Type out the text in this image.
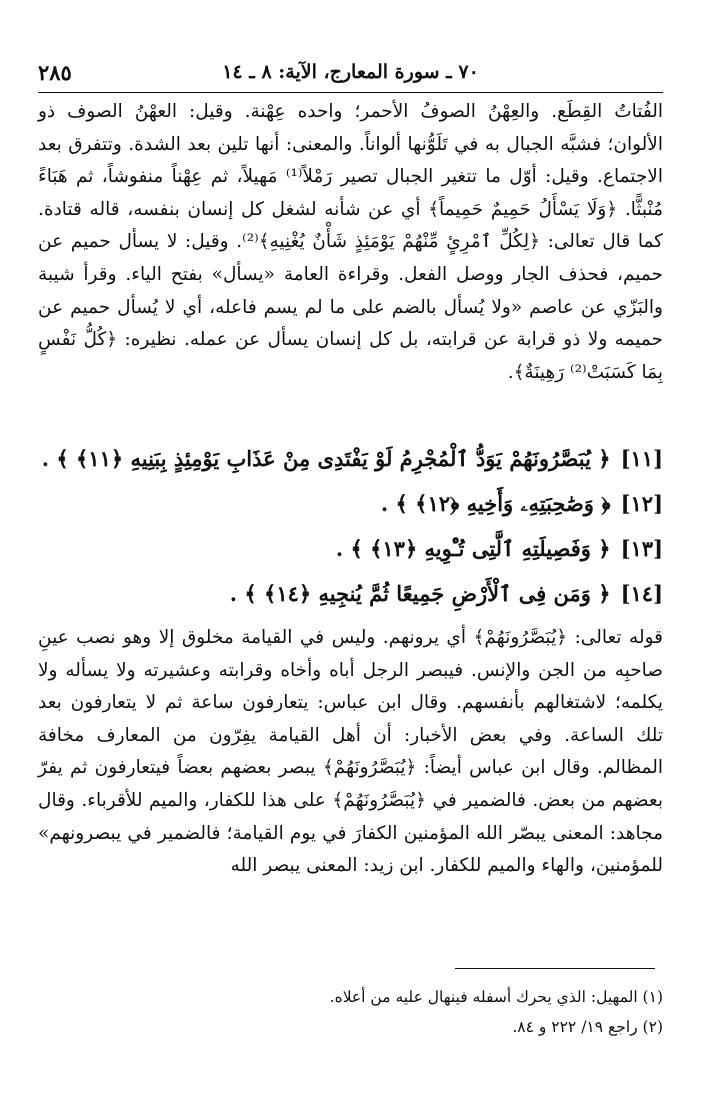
٢٨٥	٧٠ ـ سورة المعارج، الآية: ٨ ـ ١٤

الفُتاتُ القِطَع. والعِهْنُ الصوفُ الأحمر؛ واحده عِهْنة. وقيل: العهْنُ الصوف ذو الألوان؛ فشبَّه الجبال به في تَلَوُّنها ألواناً. والمعنى: أنها تلين بعد الشدة. وتتفرق بعد الاجتماع. وقيل: أوّل ما تتغير الجبال تصير رَمْلاً⁽¹⁾ مَهيلاً، ثم عِهْناً منفوشاً، ثم هَبَاءً مُنْبثًّا. ﴿وَلَا يَسْأَلُ حَمِيمٌ حَمِيماً﴾ أي عن شأنه لشغل كل إنسان بنفسه، قاله قتادة. كما قال تعالى: ﴿لِكُلِّ ٱمْرِئٍ مِّنْهُمْ يَوْمَئِذٍ شَأْنٌ يُغْنِيهِ﴾⁽²⁾. وقيل: لا يسأل حميم عن حميم، فحذف الجار ووصل الفعل. وقراءة العامة «يسأل» بفتح الياء. وقرأ شيبة والبَزّي عن عاصم «ولا يُسأل بالضم على ما لم يسم فاعله، أي لا يُسأل حميم عن حميمه ولا ذو قرابة عن قرابته، بل كل إنسان يسأل عن عمله. نظيره: ﴿كُلُّ نَفْسٍ بِمَا كَسَبَتْ⁽²⁾ رَهِينَةٌ﴾.

[١١]﴿ يُبَصَّرُونَهُمْ يَوَدُّ ٱلْمُجْرِمُ لَوْ يَفْتَدِى مِنْ عَذَابِ يَوْمِئِذٍ بِبَنِيهِ ﴿١١﴾ ﴾ .
[١٢]﴿ وَصَٰحِبَتِهِۦ وَأَخِيهِ ﴿١٢﴾ ﴾ .
[١٣]﴿ وَفَصِيلَتِهِ ٱلَّتِى تُـْٔوِيهِ ﴿١٣﴾ ﴾ .
[١٤]﴿ وَمَن فِى ٱلْأَرْضِ جَمِيعًا ثُمَّ يُنجِيهِ ﴿١٤﴾ ﴾ .

قوله تعالى: ﴿يُبَصَّرُونَهُمْ﴾ أي يرونهم. وليس في القيامة مخلوق إلا وهو نصب عينِ صاحبِه من الجن والإنس. فيبصر الرجل أباه وأخاه وقرابته وعشيرته ولا يسأله ولا يكلمه؛ لاشتغالهم بأنفسهم. وقال ابن عباس: يتعارفون ساعة ثم لا يتعارفون بعد تلك الساعة. وفي بعض الأخبار: أن أهل القيامة يفِرّون من المعارف مخافة المظالم. وقال ابن عباس أيضاً: ﴿يُبَصَّرُونَهُمْ﴾ يبصر بعضهم بعضاً فيتعارفون ثم يفرّ بعضهم من بعض. فالضمير في ﴿يُبَصَّرُونَهُمْ﴾ على هذا للكفار، والميم للأقرباء. وقال مجاهد: المعنى يبصّر الله المؤمنين الكفارَ في يوم القيامة؛ فالضمير في يبصرونهم» للمؤمنين، والهاء والميم للكفار. ابن زيد: المعنى يبصر الله

(١) المهيل: الذي يحرك أسفله فينهال عليه من أعلاه.
(٢) راجع ١٩/ ٢٢٢ و ٨٤.
